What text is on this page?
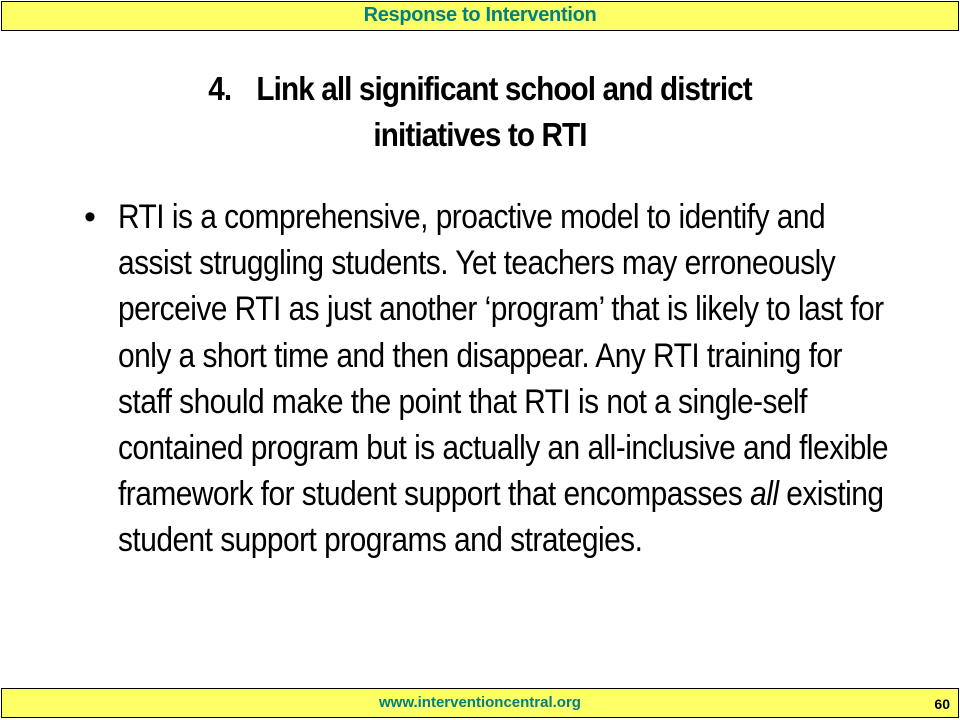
Response to Intervention
4. Link all significant school and district
initiatives to RTI
• RTI is a comprehensive, proactive model to identify and assist struggling students. Yet teachers may erroneously perceive RTI as just another ‘program’ that is likely to last for only a short time and then disappear. Any RTI training for staff should make the point that RTI is not a single-self contained program but is actually an all-inclusive and flexible framework for student support that encompasses all existing student support programs and strategies.
www.interventioncentral.org	60
